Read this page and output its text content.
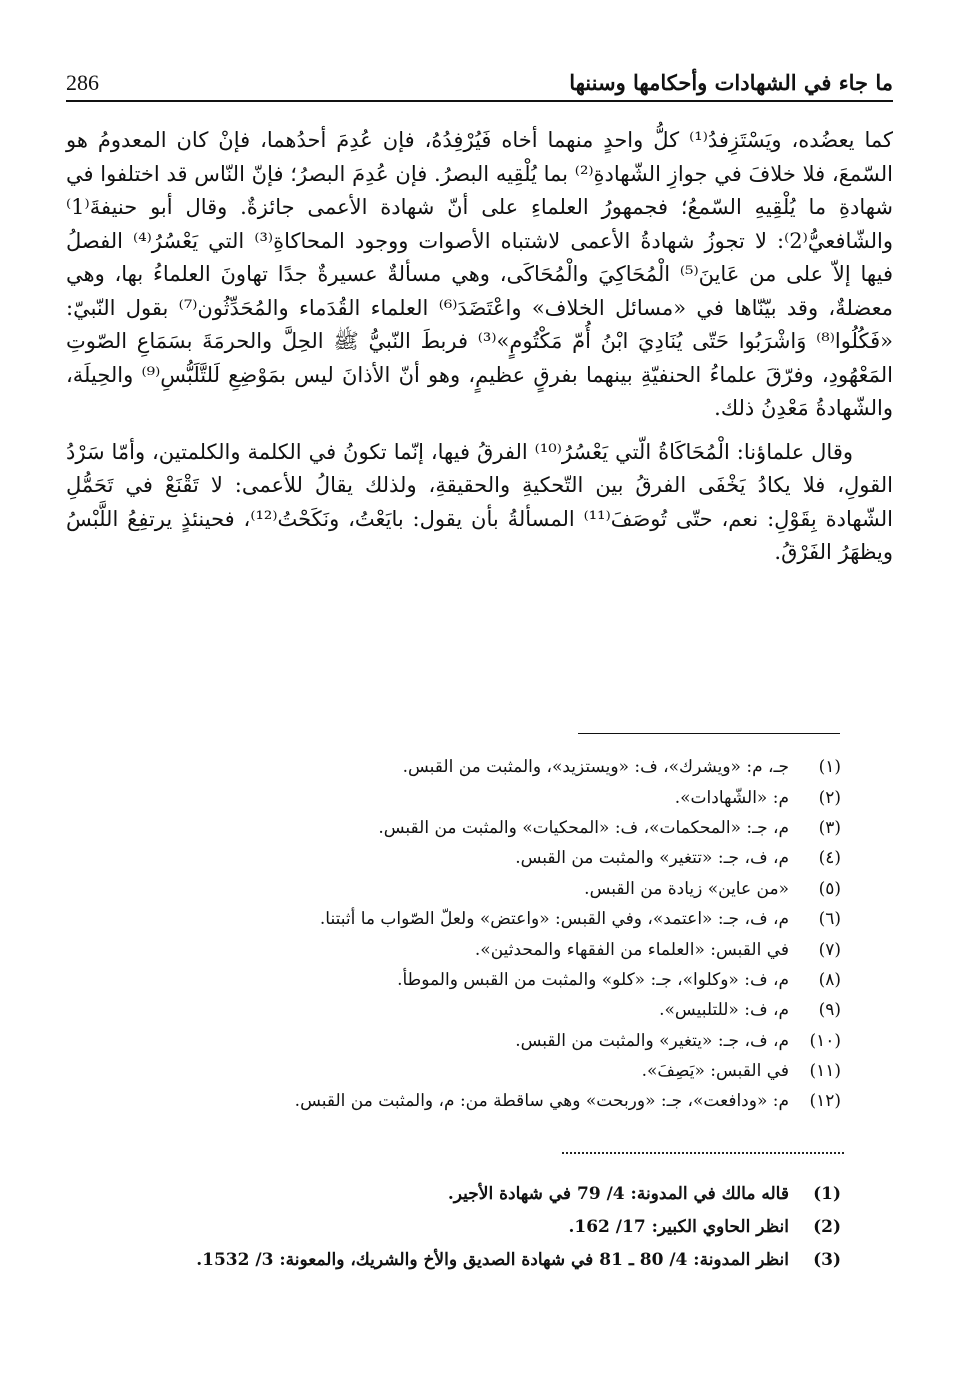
286	ما جاء في الشهادات وأحكامها وسننها

كما يعضُده، ويَسْتَزِفدُ⁽¹⁾ كلُّ واحدٍ منهما أخاه فَيُرْفِدُهُ، فإن عُدِمَ أحدُهما، فإنْ كان المعدومُ هو السّمعَ، فلا خلافَ في جوازِ الشّهادةِ⁽²⁾ بما يُلْقِيه البصرُ. فإن عُدِمَ البصرُ؛ فإنّ النّاس قد اختلفوا في شهادةِ ما يُلْقِيهِ السّمعُ؛ فجمهورُ العلماءِ على أنّ شهادة الأعمى جائزةٌ. وقال أبو حنيفةَ⁽1⁾ والشّافعيُّ⁽2⁾: لا تجوزُ شهادةُ الأعمى لاشتباه الأصوات ووجود المحاكاةِ⁽³⁾ التي يَعْسُرُ⁽⁴⁾ الفصلُ فيها إلاّ على من عَاينَ⁽⁵⁾ الْمُحَاكِيَ والْمُحَاكَى، وهي مسألةٌ عسيرةٌ جدًا تهاونَ العلماءُ بها، وهي معضلةٌ، وقد بيّنّاها في «مسائل الخلاف» واعْتَضَدَ⁽⁶⁾ العلماء القُدَماء والمُحَدِّثُون⁽⁷⁾ بقول النّبيّ: «فَكُلُوا⁽⁸⁾ وَاشْرَبُوا حَتّى يُنَادِيَ ابْنُ أُمّ مَكْتُومٍ»⁽³⁾ فربطَ النّبيُّ ﷺ الحِلَّ والحرمَةَ بسَمَاعِ الصّوتِ المَعْهُودِ، وفرّقَ علماءُ الحنفيّةِ بينهما بفرقٍ عظيمٍ، وهو أنّ الأذانَ ليس بمَوْضِعِ لَلتَّلَبُّسِ⁽⁹⁾ والحِيلَة، والشّهادةُ مَعْدِنُ ذلك.

وقال علماؤنا: الْمُحَاكَاةُ الّتي يَعْسُرُ⁽¹⁰⁾ الفرقُ فيها، إنّما تكونُ في الكلمة والكلمتين، وأمّا سَرْدُ القولِ، فلا يكادُ يَخْفَى الفرقُ بين التّحكيةِ والحقيقةِ، ولذلك يقالُ للأعمى: لا تَقْنَعْ في تَحَمُّلِ الشّهادة بِقَوْلِ: نعم، حتّى تُوصَفَ⁽¹¹⁾ المسألةُ بأن يقول: بايَعْتُ، ونَكَحْتُ⁽¹²⁾، فحينئذٍ يرتفِعُ اللَّبْسُ ويظهَرُ الفَرْقُ.

(١)
جـ، م: «ويشرك»، ف: «ويستزيد»، والمثبت من القبس.
(٢)
م: «الشّهادات».
(٣)
م، جـ: «المحكمات»، ف: «المحكيات» والمثبت من القبس.
(٤)
م، ف، جـ: «تتغير» والمثبت من القبس.
(٥)
«من عاين» زيادة من القبس.
(٦)
م، ف، جـ: «اعتمد»، وفي القبس: «واعتض» ولعلّ الصّواب ما أثبتنا.
(٧)
في القبس: «العلماء من الفقهاء والمحدثين».
(٨)
م، ف: «وكلوا»، جـ: «كلو» والمثبت من القبس والموطأ.
(٩)
م، ف: «للتلبيس».
(١٠)
م، ف، جـ: «يتغير» والمثبت من القبس.
(١١)
في القبس: «يَصِفَ».
(١٢)
م: «ودافعت»، جـ: «وربحت» وهي ساقطة من: م، والمثبت من القبس.
(1)
قاله مالك في المدونة: 4/ 79 في شهادة الأجير.
(2)
انظر الحاوي الكبير: 17/ 162.
(3)
انظر المدونة: 4/ 80 ـ 81 في شهادة الصديق والأخ والشريك، والمعونة: 3/ 1532.
